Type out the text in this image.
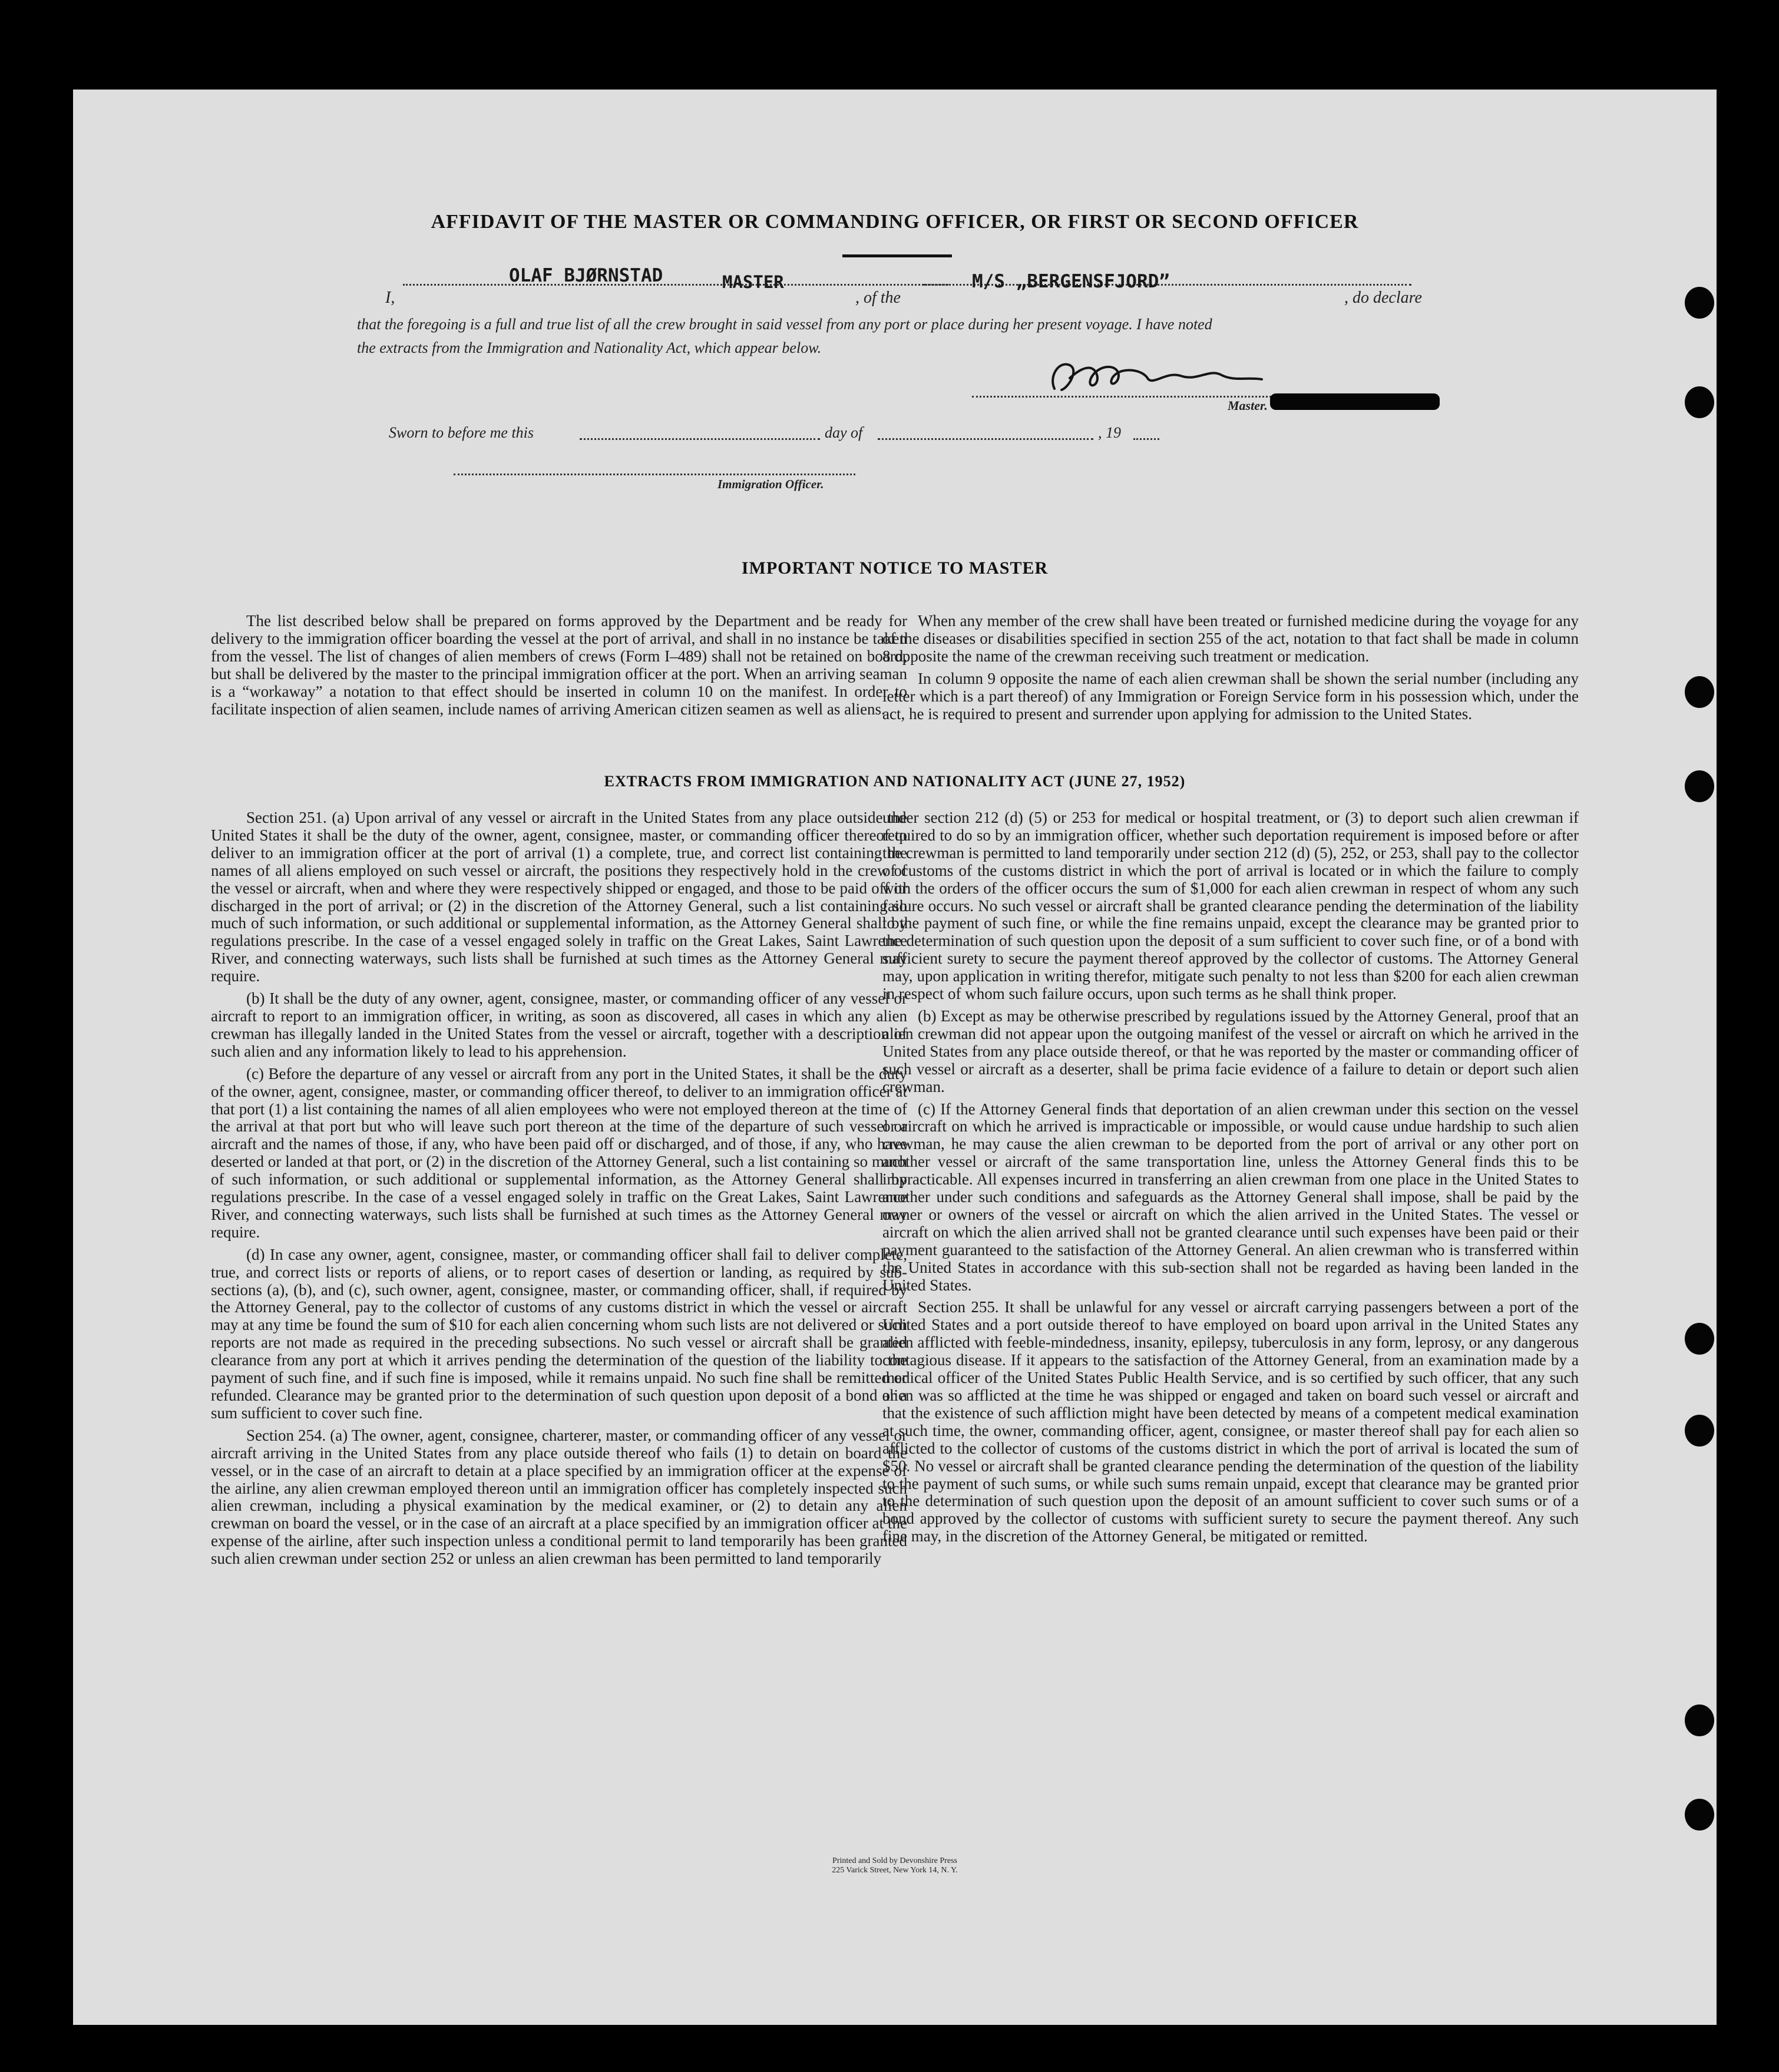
AFFIDAVIT OF THE MASTER OR COMMANDING OFFICER, OR FIRST OR SECOND OFFICER
I,
OLAF BJØRNSTAD	MASTER
, of the
M/S „BERGENSFJORD”
, do declare
that the foregoing is a full and true list of all the crew brought in said vessel from any port or place during her present voyage. I have noted
the extracts from the Immigration and Nationality Act, which appear below.
Master.
Sworn to before me this	day of	, 19
Immigration Officer.
IMPORTANT NOTICE TO MASTER

The list described below shall be prepared on forms approved by the Department and be ready for delivery to the immigration officer boarding the vessel at the port of arrival, and shall in no instance be taken from the vessel. The list of changes of alien members of crews (Form I–489) shall not be retained on board, but shall be delivered by the master to the principal immigration officer at the port. When an arriving seaman is a “workaway” a notation to that effect should be inserted in column 10 on the manifest. In order to facilitate inspection of alien seamen, include names of arriving American citizen seamen as well as aliens.

When any member of the crew shall have been treated or furnished medicine during the voyage for any of the diseases or disabilities specified in section 255 of the act, notation to that fact shall be made in column 8 opposite the name of the crewman receiving such treatment or medication.

In column 9 opposite the name of each alien crewman shall be shown the serial number (including any letter which is a part thereof) of any Immigration or Foreign Service form in his possession which, under the act, he is required to present and surrender upon applying for admission to the United States.

EXTRACTS FROM IMMIGRATION AND NATIONALITY ACT (JUNE 27, 1952)

Section 251. (a) Upon arrival of any vessel or aircraft in the United States from any place outside the United States it shall be the duty of the owner, agent, consignee, master, or commanding officer thereof to deliver to an immigration officer at the port of arrival (1) a complete, true, and correct list containing the names of all aliens employed on such vessel or aircraft, the positions they respectively hold in the crew of the vessel or aircraft, when and where they were respectively shipped or engaged, and those to be paid off or discharged in the port of arrival; or (2) in the discretion of the Attorney General, such a list containing so much of such information, or such additional or supplemental information, as the Attorney General shall by regulations prescribe. In the case of a vessel engaged solely in traffic on the Great Lakes, Saint Lawrence River, and connecting waterways, such lists shall be furnished at such times as the Attorney General may require.

(b) It shall be the duty of any owner, agent, consignee, master, or commanding officer of any vessel or aircraft to report to an immigration officer, in writing, as soon as discovered, all cases in which any alien crewman has illegally landed in the United States from the vessel or aircraft, together with a description of such alien and any information likely to lead to his apprehension.

(c) Before the departure of any vessel or aircraft from any port in the United States, it shall be the duty of the owner, agent, consignee, master, or commanding officer thereof, to deliver to an immigration officer at that port (1) a list containing the names of all alien employees who were not employed thereon at the time of the arrival at that port but who will leave such port thereon at the time of the departure of such vessel or aircraft and the names of those, if any, who have been paid off or discharged, and of those, if any, who have deserted or landed at that port, or (2) in the discretion of the Attorney General, such a list containing so much of such information, or such additional or supplemental information, as the Attorney General shall by regulations prescribe. In the case of a vessel engaged solely in traffic on the Great Lakes, Saint Lawrence River, and connecting waterways, such lists shall be furnished at such times as the Attorney General may require.

(d) In case any owner, agent, consignee, master, or commanding officer shall fail to deliver complete, true, and correct lists or reports of aliens, or to report cases of desertion or landing, as required by sub-sections (a), (b), and (c), such owner, agent, consignee, master, or commanding officer, shall, if required by the Attorney General, pay to the collector of customs of any customs district in which the vessel or aircraft may at any time be found the sum of $10 for each alien concerning whom such lists are not delivered or such reports are not made as required in the preceding subsections. No such vessel or aircraft shall be granted clearance from any port at which it arrives pending the determination of the question of the liability to the payment of such fine, and if such fine is imposed, while it remains unpaid. No such fine shall be remitted or refunded. Clearance may be granted prior to the determination of such question upon deposit of a bond or a sum sufficient to cover such fine.

Section 254. (a) The owner, agent, consignee, charterer, master, or commanding officer of any vessel or aircraft arriving in the United States from any place outside thereof who fails (1) to detain on board the vessel, or in the case of an aircraft to detain at a place specified by an immigration officer at the expense of the airline, any alien crewman employed thereon until an immigration officer has completely inspected such alien crewman, including a physical examination by the medical examiner, or (2) to detain any alien crewman on board the vessel, or in the case of an aircraft at a place specified by an immigration officer at the expense of the airline, after such inspection unless a conditional permit to land temporarily has been granted such alien crewman under section 252 or unless an alien crewman has been permitted to land temporarily

under section 212 (d) (5) or 253 for medical or hospital treatment, or (3) to deport such alien crewman if required to do so by an immigration officer, whether such deportation requirement is imposed before or after the crewman is permitted to land temporarily under section 212 (d) (5), 252, or 253, shall pay to the collector of customs of the customs district in which the port of arrival is located or in which the failure to comply with the orders of the officer occurs the sum of $1,000 for each alien crewman in respect of whom any such failure occurs. No such vessel or aircraft shall be granted clearance pending the determination of the liability to the payment of such fine, or while the fine remains unpaid, except the clearance may be granted prior to the determination of such question upon the deposit of a sum sufficient to cover such fine, or of a bond with sufficient surety to secure the payment thereof approved by the collector of customs. The Attorney General may, upon application in writing therefor, mitigate such penalty to not less than $200 for each alien crewman in respect of whom such failure occurs, upon such terms as he shall think proper.

(b) Except as may be otherwise prescribed by regulations issued by the Attorney General, proof that an alien crewman did not appear upon the outgoing manifest of the vessel or aircraft on which he arrived in the United States from any place outside thereof, or that he was reported by the master or commanding officer of such vessel or aircraft as a deserter, shall be prima facie evidence of a failure to detain or deport such alien crewman.

(c) If the Attorney General finds that deportation of an alien crewman under this section on the vessel or aircraft on which he arrived is impracticable or impossible, or would cause undue hardship to such alien crewman, he may cause the alien crewman to be deported from the port of arrival or any other port on another vessel or aircraft of the same transportation line, unless the Attorney General finds this to be impracticable. All expenses incurred in transferring an alien crewman from one place in the United States to another under such conditions and safeguards as the Attorney General shall impose, shall be paid by the owner or owners of the vessel or aircraft on which the alien arrived in the United States. The vessel or aircraft on which the alien arrived shall not be granted clearance until such expenses have been paid or their payment guaranteed to the satisfaction of the Attorney General. An alien crewman who is transferred within the United States in accordance with this sub-section shall not be regarded as having been landed in the United States.

Section 255. It shall be unlawful for any vessel or aircraft carrying passengers between a port of the United States and a port outside thereof to have employed on board upon arrival in the United States any alien afflicted with feeble-mindedness, insanity, epilepsy, tuberculosis in any form, leprosy, or any dangerous contagious disease. If it appears to the satisfaction of the Attorney General, from an examination made by a medical officer of the United States Public Health Service, and is so certified by such officer, that any such alien was so afflicted at the time he was shipped or engaged and taken on board such vessel or aircraft and that the existence of such affliction might have been detected by means of a competent medical examination at such time, the owner, commanding officer, agent, consignee, or master thereof shall pay for each alien so afflicted to the collector of customs of the customs district in which the port of arrival is located the sum of $50. No vessel or aircraft shall be granted clearance pending the determination of the question of the liability to the payment of such sums, or while such sums remain unpaid, except that clearance may be granted prior to the determination of such question upon the deposit of an amount sufficient to cover such sums or of a bond approved by the collector of customs with sufficient surety to secure the payment thereof. Any such fine may, in the discretion of the Attorney General, be mitigated or remitted.

Printed and Sold by Devonshire Press
225 Varick Street, New York 14, N. Y.
